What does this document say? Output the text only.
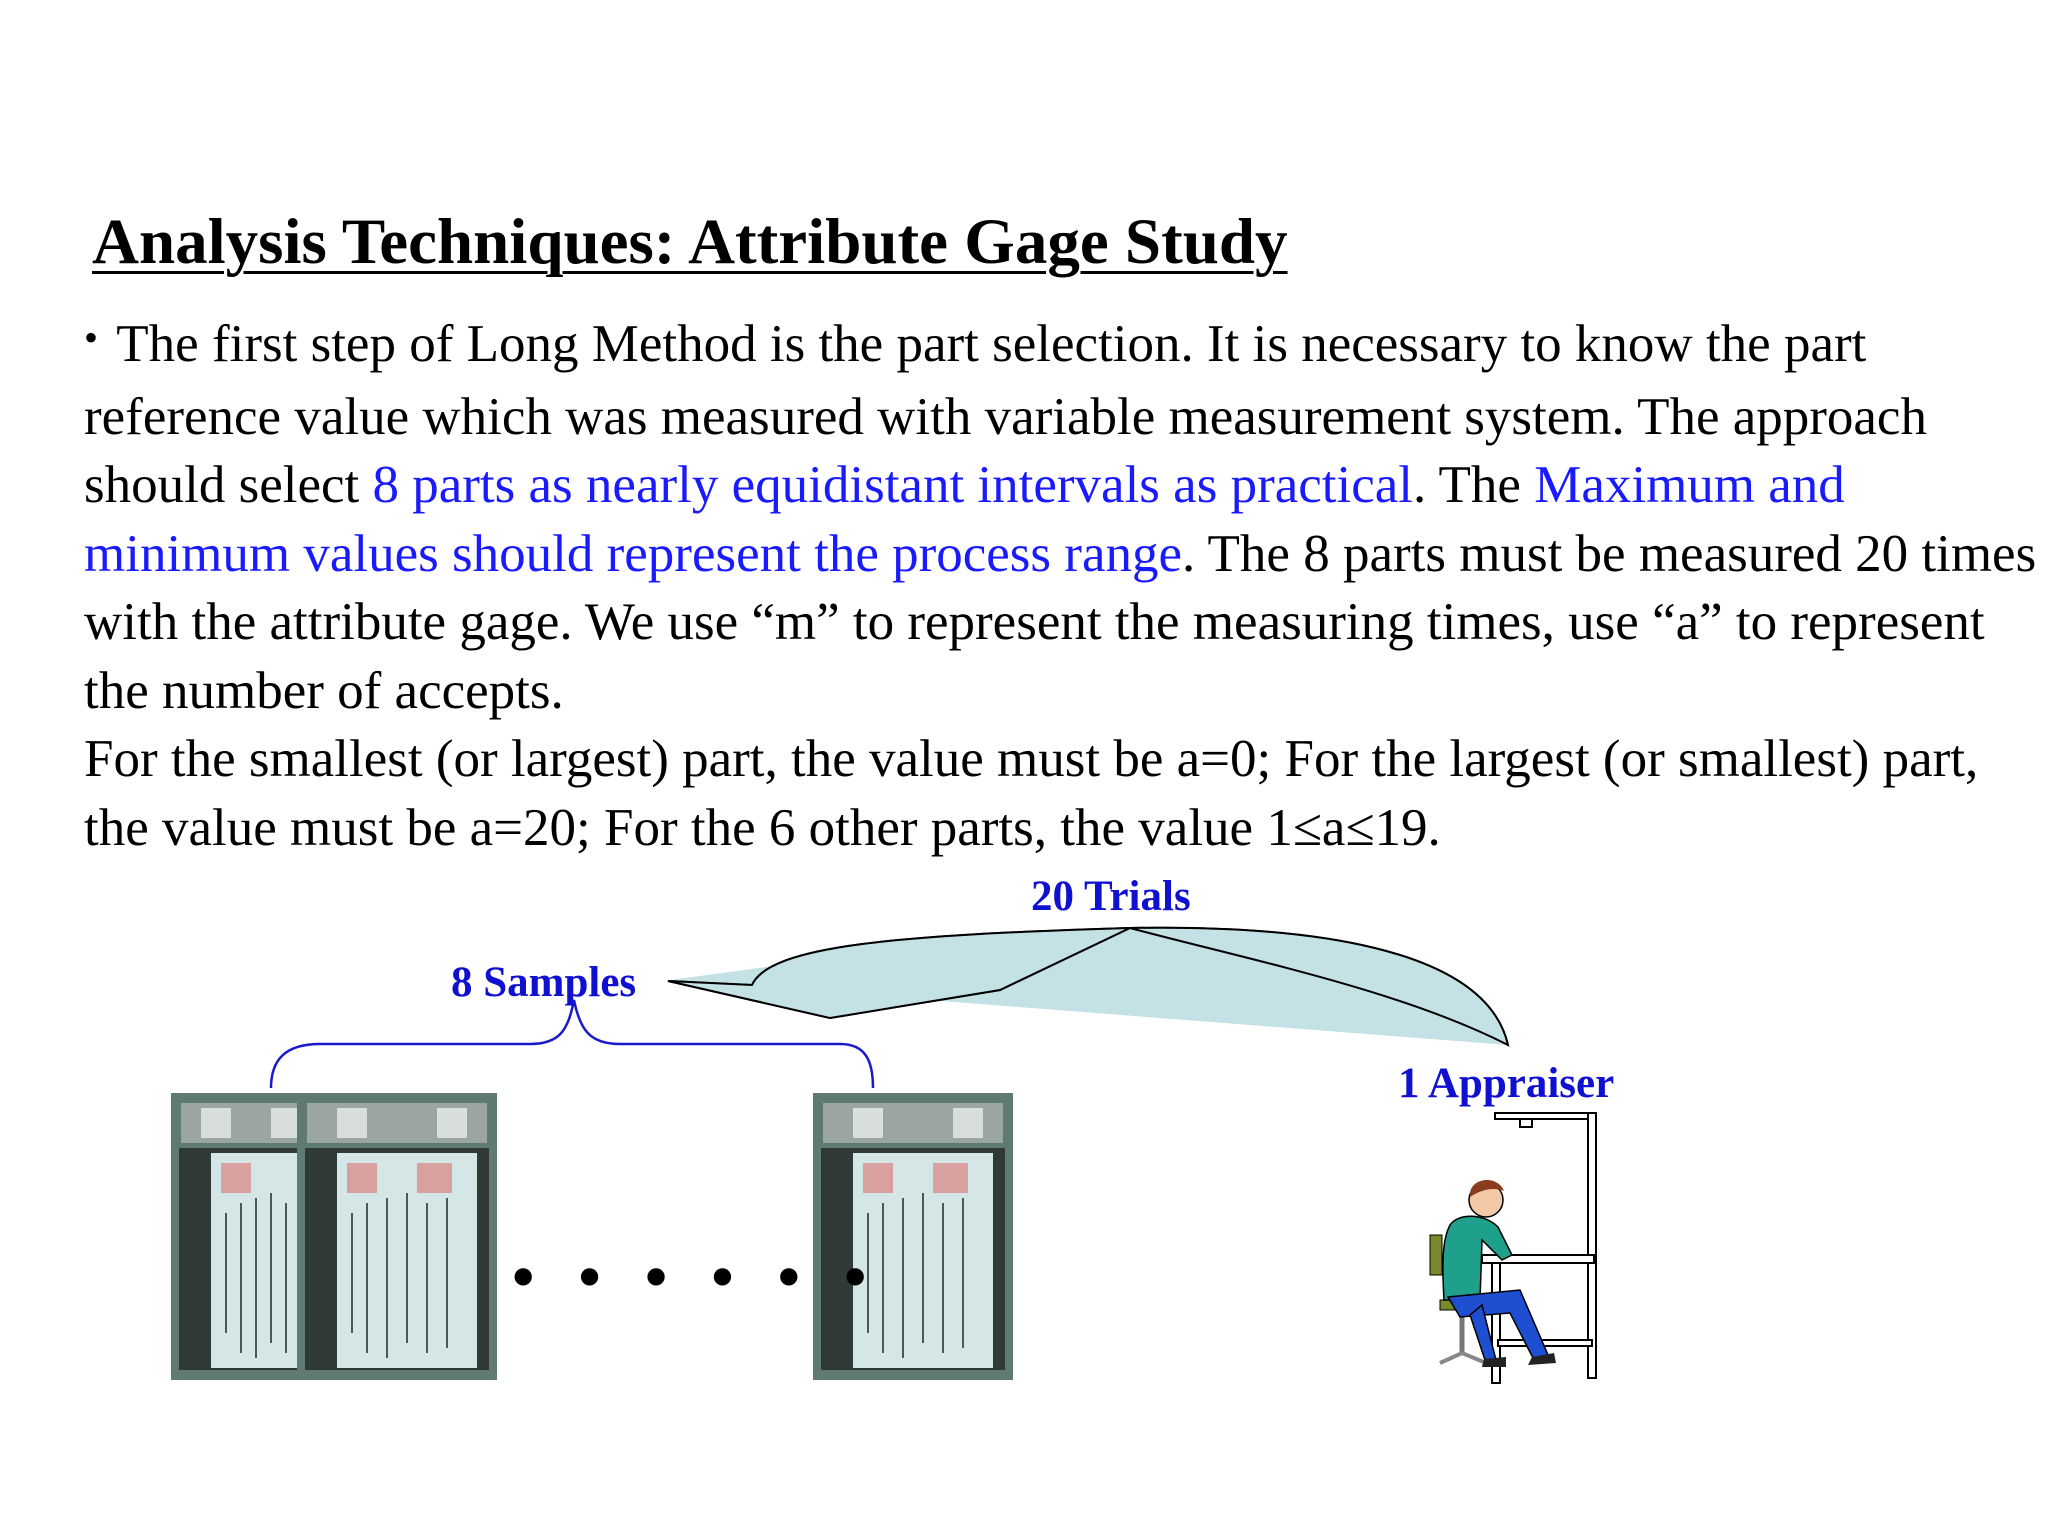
Analysis Techniques: Attribute Gage Study

• The first step of Long Method is the part selection. It is necessary to know the part reference value which was measured with variable measurement system. The approach should select 8 parts as nearly equidistant intervals as practical. The Maximum and minimum values should represent the process range. The 8 parts must be measured 20 times with the attribute gage. We use “m” to represent the measuring times, use “a” to represent the number of accepts.

For the smallest (or largest) part, the value must be a=0; For the largest (or smallest) part, the value must be a=20; For the 6 other parts, the value 1≤a≤19.

20 Trials
8 Samples
1 Appraiser
• • • • • •
